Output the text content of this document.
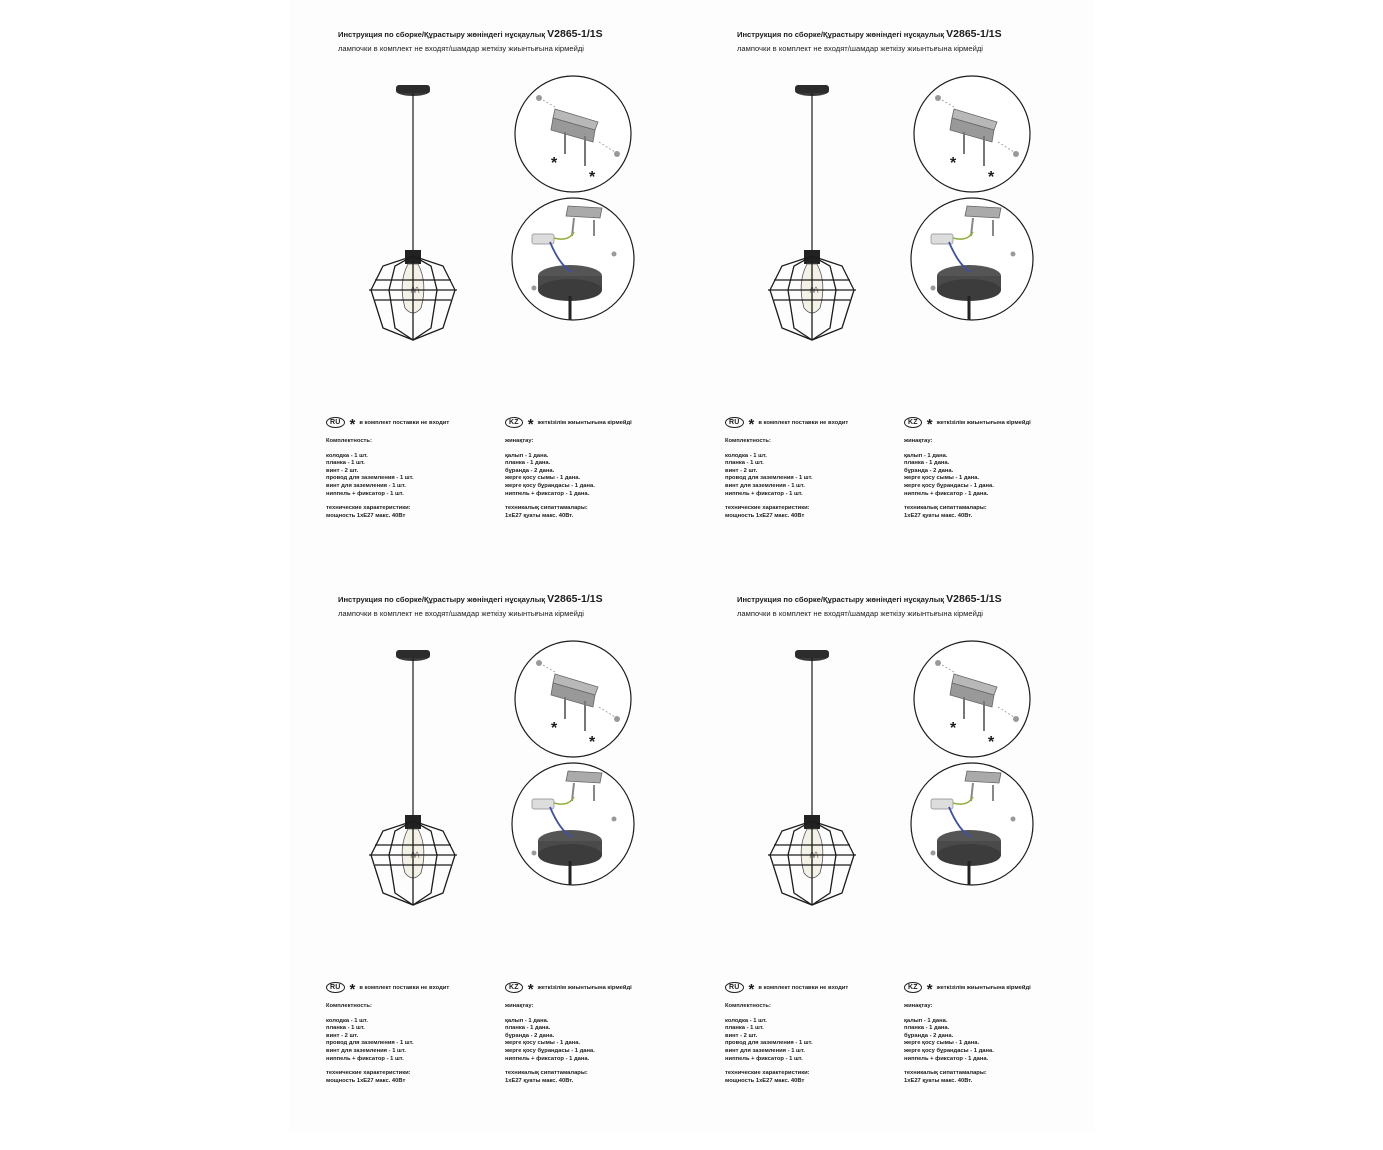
Инструкция по сборке/Құрастыру жөніндегі нұсқаулық V2865-1/1S
лампочки в комплект не входят/шамдар жеткізу жиынтығына кірмейді
*
*
RU * в комплект поставки не входит	KZ * жеткізілім жиынтығына кірмейді
Комплектность:
колодка - 1 шт.
планка - 1 шт.
винт - 2 шт.
провод для заземления - 1 шт.
винт для заземления - 1 шт.
ниппель + фиксатор - 1 шт.
технические характеристики:
мощность 1хЕ27 макс. 40Вт
жинақтау:
қалып - 1 дана.
планка - 1 дана.
бұранда - 2 дана.
жерге қосу сымы - 1 дана.
жерге қосу бұрандасы - 1 дана.
ниппель + фиксатор - 1 дана.
техникалық сипаттамалары:
1хЕ27 қуаты макс. 40Вт.
Инструкция по сборке/Құрастыру жөніндегі нұсқаулық V2865-1/1S
лампочки в комплект не входят/шамдар жеткізу жиынтығына кірмейді
*
*
RU * в комплект поставки не входит	KZ * жеткізілім жиынтығына кірмейді
Комплектность:
колодка - 1 шт.
планка - 1 шт.
винт - 2 шт.
провод для заземления - 1 шт.
винт для заземления - 1 шт.
ниппель + фиксатор - 1 шт.
технические характеристики:
мощность 1хЕ27 макс. 40Вт
жинақтау:
қалып - 1 дана.
планка - 1 дана.
бұранда - 2 дана.
жерге қосу сымы - 1 дана.
жерге қосу бұрандасы - 1 дана.
ниппель + фиксатор - 1 дана.
техникалық сипаттамалары:
1хЕ27 қуаты макс. 40Вт.
Инструкция по сборке/Құрастыру жөніндегі нұсқаулық V2865-1/1S
лампочки в комплект не входят/шамдар жеткізу жиынтығына кірмейді
*
*
RU * в комплект поставки не входит	KZ * жеткізілім жиынтығына кірмейді
Комплектность:
колодка - 1 шт.
планка - 1 шт.
винт - 2 шт.
провод для заземления - 1 шт.
винт для заземления - 1 шт.
ниппель + фиксатор - 1 шт.
технические характеристики:
мощность 1хЕ27 макс. 40Вт
жинақтау:
қалып - 1 дана.
планка - 1 дана.
бұранда - 2 дана.
жерге қосу сымы - 1 дана.
жерге қосу бұрандасы - 1 дана.
ниппель + фиксатор - 1 дана.
техникалық сипаттамалары:
1хЕ27 қуаты макс. 40Вт.
Инструкция по сборке/Құрастыру жөніндегі нұсқаулық V2865-1/1S
лампочки в комплект не входят/шамдар жеткізу жиынтығына кірмейді
*
*
RU * в комплект поставки не входит	KZ * жеткізілім жиынтығына кірмейді
Комплектность:
колодка - 1 шт.
планка - 1 шт.
винт - 2 шт.
провод для заземления - 1 шт.
винт для заземления - 1 шт.
ниппель + фиксатор - 1 шт.
технические характеристики:
мощность 1хЕ27 макс. 40Вт
жинақтау:
қалып - 1 дана.
планка - 1 дана.
бұранда - 2 дана.
жерге қосу сымы - 1 дана.
жерге қосу бұрандасы - 1 дана.
ниппель + фиксатор - 1 дана.
техникалық сипаттамалары:
1хЕ27 қуаты макс. 40Вт.
